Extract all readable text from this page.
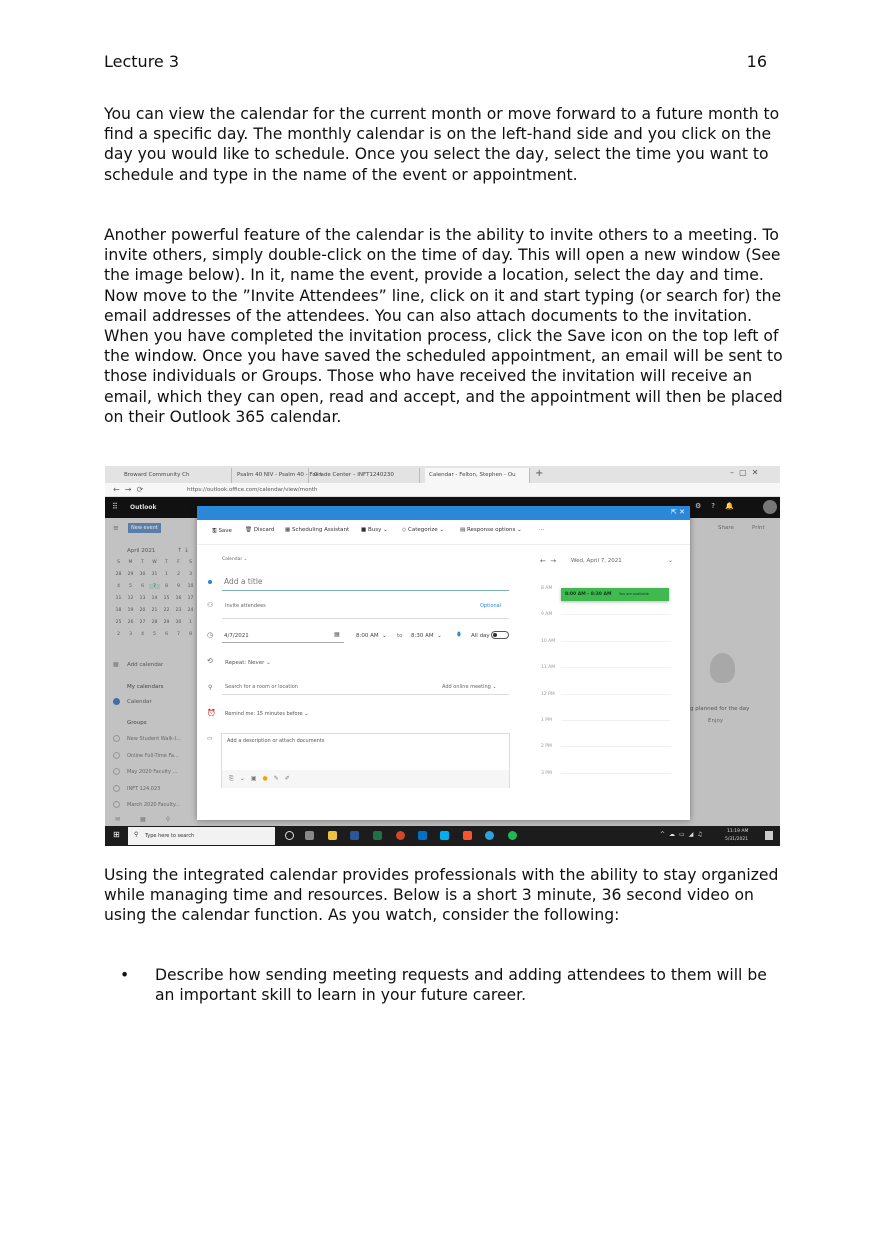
Lecture 3	16

You can view the calendar for the current month or move forward to a future month to find a specific day. The monthly calendar is on the left-hand side and you click on the day you would like to schedule. Once you select the day, select the time you want to schedule and type in the name of the event or appointment.

Another powerful feature of the calendar is the ability to invite others to a meeting. To invite others, simply double-click on the time of day. This will open a new window (See the image below). In it, name the event, provide a location, select the day and time. Now move to the ”Invite Attendees” line, click on it and start typing (or search for) the email addresses of the attendees. You can also attach documents to the invitation. When you have completed the invitation process, click the Save icon on the top left of the window. Once you have saved the scheduled appointment, an email will be sent to those individuals or Groups. Those who have received the invitation will receive an email, which they can open, read and accept, and the appointment will then be placed on their Outlook 365 calendar.

Broward Community Ch	Psalm 40 NIV - Psalm 40 - For t
Grade Center – INFT1240230	Calendar - Felton, Stephen - Ou	+	–  ▢  ✕
←  →  ⟳	https://outlook.office.com/calendar/view/month
⠿ Outlook	⚙?🔔
≡	New event
April 2021	↑ ↓
S	M	T	W	T	F	S
28	29	30	31	1	2	3
4	5	6	7	8	9	10
11	12	13	14	15	16	17
18	19	20	21	22	23	24
25	26	27	28	29	30	1
2	3	4	5	6	7	8
▦ Add calendar
My calendars
Calendar
Groups
New Student Walk-I...
Online Full-Time Fa...
May 2020 Faculty ...
INFT 124.023
March 2020 Faculty...
✉▦⚲
Share	Print
g planned for the day
Enjoy
⇱ ✕
🖫 Save 🗑 Discard ▦ Scheduling Assistant ■ Busy ⌄	◇ Categorize ⌄	▤ Response options ⌄	···
Calendar ⌄
Add a title
⚇ Invite attendees	Optional
◷ 4/7/2021	▦	8:00 AM  ⌄ to 8:30 AM  ⌄	⬮ All day
⟲ Repeat: Never ⌄
⚲	Search for a room or location	Add online meeting ⌄
⏰ Remind me: 15 minutes before ⌄
▭	Add a description or attach documents
⎘⌄▣●✎✐
←  →	Wed, April 7, 2021	⌄
8 AM
9 AM
10 AM
11 AM
12 PM
1 PM
2 PM
3 PM
8:00 AM - 8:30 AM You are available
⊞ ⚲ Type here to search	^☁▭◢♫	11:19 AM
5/31/2021

Using the integrated calendar provides professionals with the ability to stay organized while managing time and resources. Below is a short 3 minute, 36 second video on using the calendar function. As you watch, consider the following:

• Describe how sending meeting requests and adding attendees to them will be an important skill to learn in your future career.
